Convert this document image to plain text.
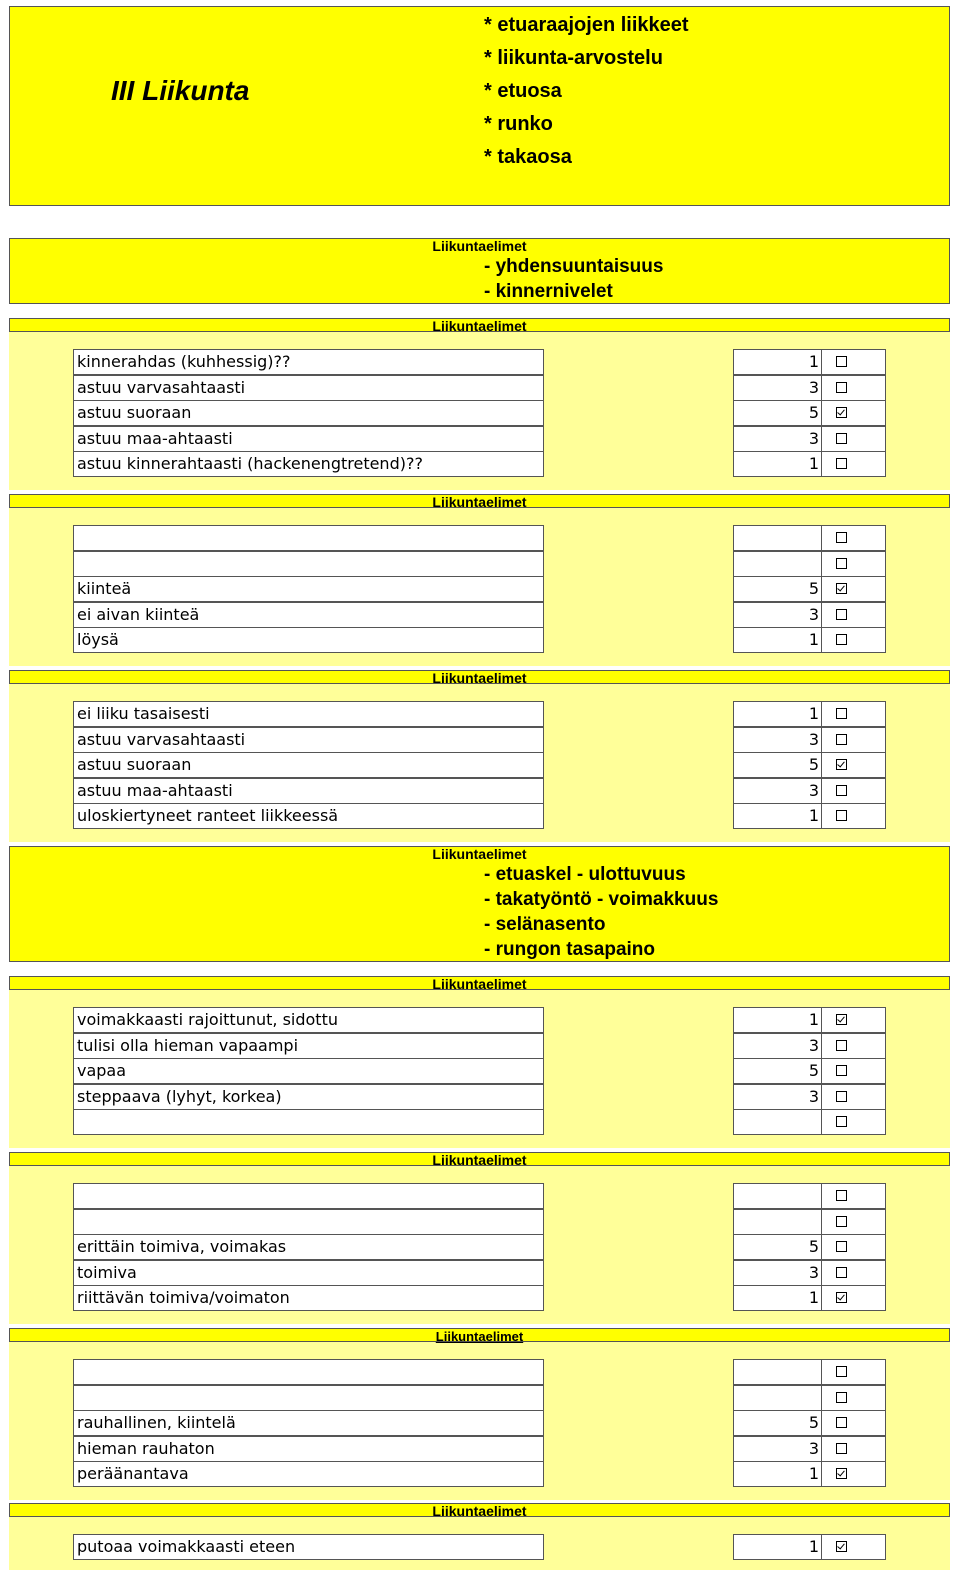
III Liikunta
* etuaraajojen liikkeet
* liikunta-arvostelu
* etuosa
* runko
* takaosa
Liikuntaelimet
- yhdensuuntaisuus
- kinnernivelet
Liikuntaelimet
kinnerahdas (kuhhessig)??	1
astuu varvasahtaasti	3
astuu suoraan	5
astuu maa-ahtaasti	3
astuu kinnerahtaasti (hackenengtretend)??	1
Liikuntaelimet
kiinteä	5
ei aivan kiinteä	3
löysä	1
Liikuntaelimet
ei liiku tasaisesti	1
astuu varvasahtaasti	3
astuu suoraan	5
astuu maa-ahtaasti	3
uloskiertyneet ranteet liikkeessä	1
Liikuntaelimet
- etuaskel - ulottuvuus
- takatyöntö - voimakkuus
- selänasento
- rungon tasapaino
Liikuntaelimet
voimakkaasti rajoittunut, sidottu	1
tulisi olla hieman vapaampi	3
vapaa	5
steppaava (lyhyt, korkea)	3
Liikuntaelimet
erittäin toimiva, voimakas	5
toimiva	3
riittävän toimiva/voimaton	1
Liikuntaelimet
rauhallinen, kiintelä	5
hieman rauhaton	3
peräänantava	1
Liikuntaelimet
putoaa voimakkaasti eteen	1
